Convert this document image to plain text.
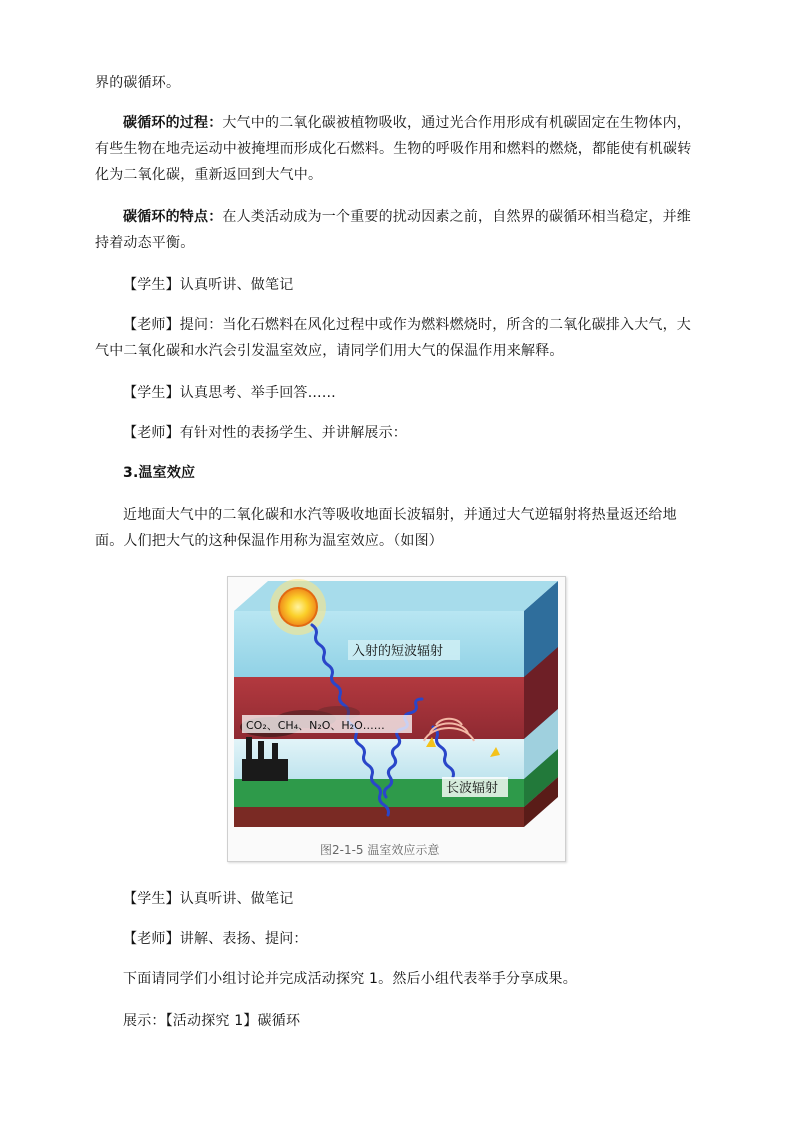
界的碳循环。

碳循环的过程：大气中的二氧化碳被植物吸收，通过光合作用形成有机碳固定在生物体内，有些生物在地壳运动中被掩埋而形成化石燃料。生物的呼吸作用和燃料的燃烧，都能使有机碳转化为二氧化碳，重新返回到大气中。

碳循环的特点：在人类活动成为一个重要的扰动因素之前，自然界的碳循环相当稳定，并维持着动态平衡。

【学生】认真听讲、做笔记

【老师】提问：当化石燃料在风化过程中或作为燃料燃烧时，所含的二氧化碳排入大气，大气中二氧化碳和水汽会引发温室效应，请同学们用大气的保温作用来解释。

【学生】认真思考、举手回答……

【老师】有针对性的表扬学生、并讲解展示：

3.温室效应

近地面大气中的二氧化碳和水汽等吸收地面长波辐射，并通过大气逆辐射将热量返还给地面。人们把大气的这种保温作用称为温室效应。（如图）

入射的短波辐射
CO₂、CH₄、N₂O、H₂O……
长波辐射
图2-1-5 温室效应示意

【学生】认真听讲、做笔记

【老师】讲解、表扬、提问：

下面请同学们小组讨论并完成活动探究 1。然后小组代表举手分享成果。

展示：【活动探究 1】碳循环
